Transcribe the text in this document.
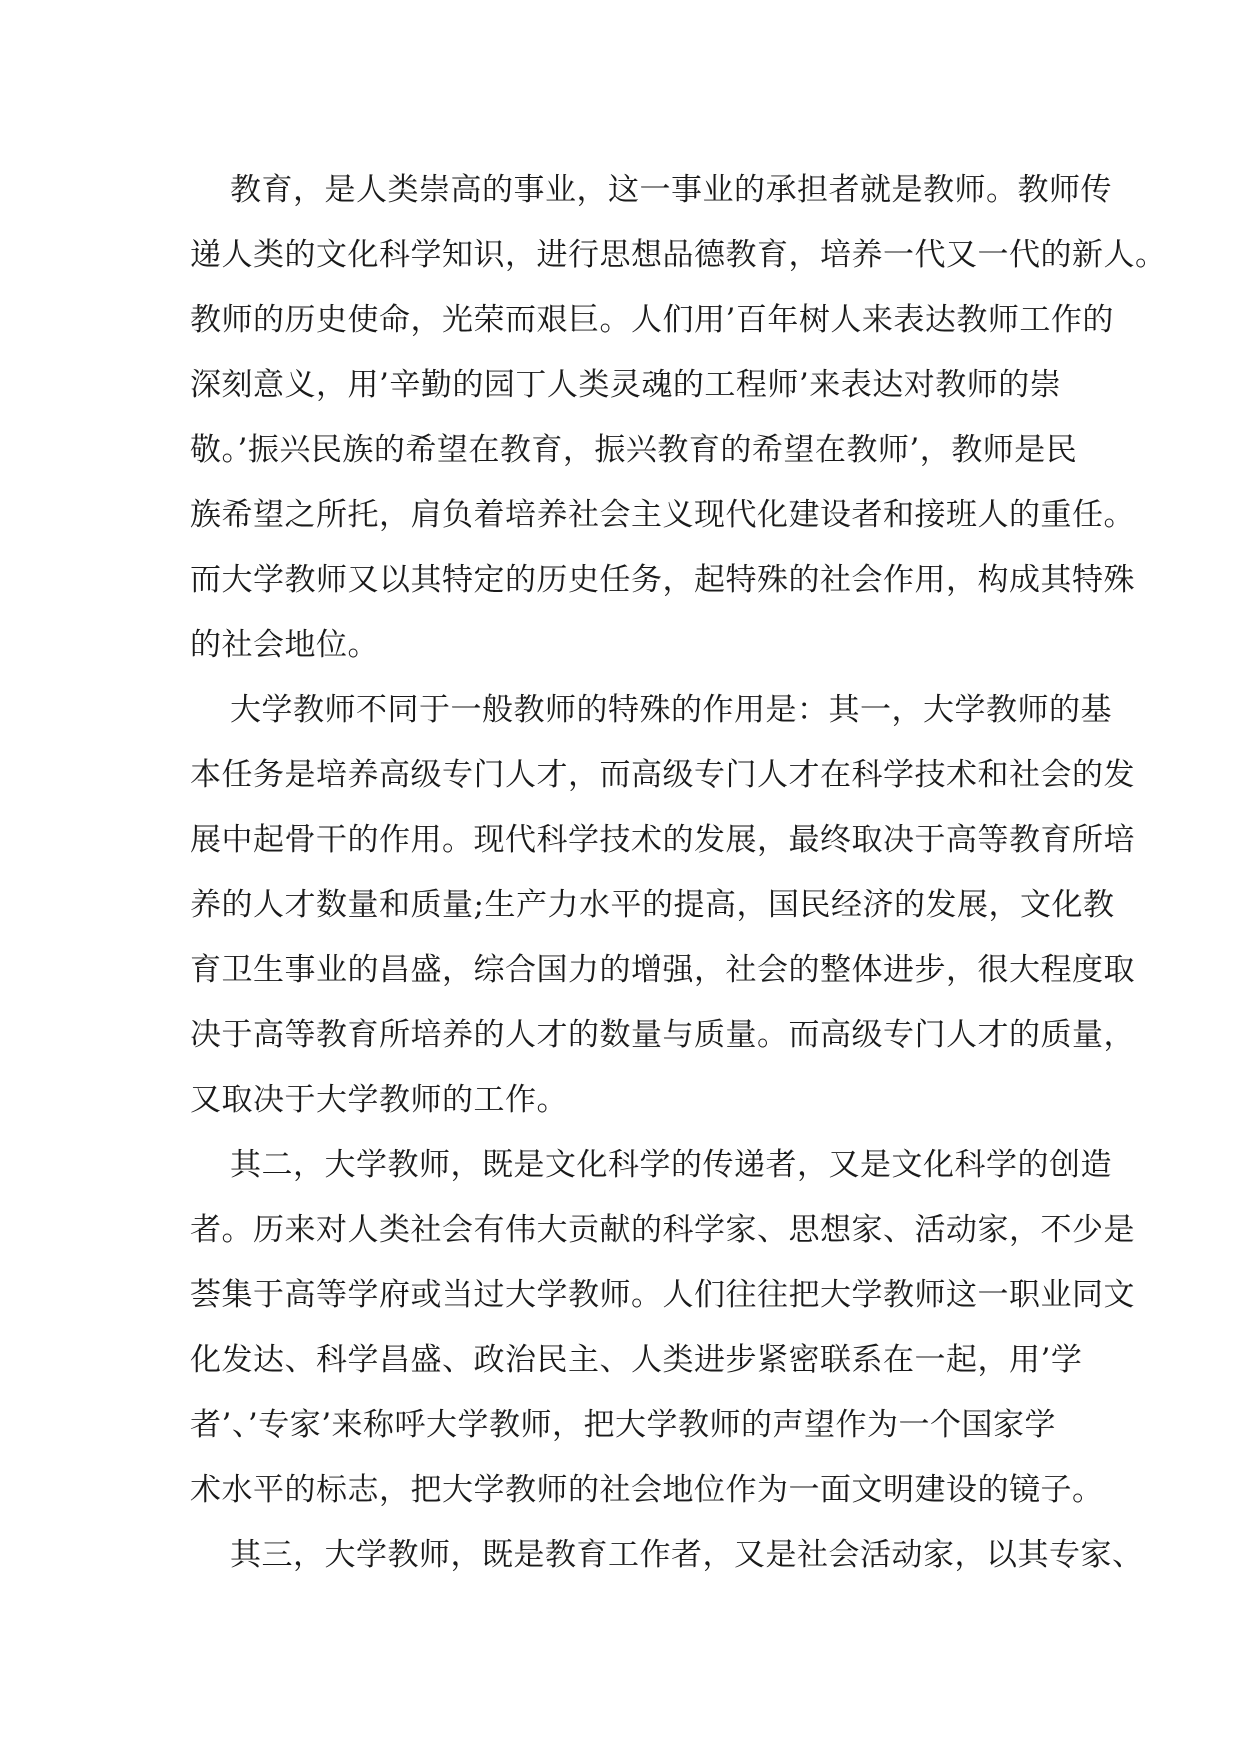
教育，是人类崇高的事业，这一事业的承担者就是教师。教师传
递人类的文化科学知识，进行思想品德教育，培养一代又一代的新人。
教师的历史使命，光荣而艰巨。人们用’百年树人来表达教师工作的
深刻意义，用’辛勤的园丁人类灵魂的工程师’来表达对教师的崇
敬。’振兴民族的希望在教育，振兴教育的希望在教师’，教师是民
族希望之所托，肩负着培养社会主义现代化建设者和接班人的重任。
而大学教师又以其特定的历史任务，起特殊的社会作用，构成其特殊
的社会地位。
大学教师不同于一般教师的特殊的作用是：其一，大学教师的基
本任务是培养高级专门人才，而高级专门人才在科学技术和社会的发
展中起骨干的作用。现代科学技术的发展，最终取决于高等教育所培
养的人才数量和质量;生产力水平的提高，国民经济的发展，文化教
育卫生事业的昌盛，综合国力的增强，社会的整体进步，很大程度取
决于高等教育所培养的人才的数量与质量。而高级专门人才的质量，
又取决于大学教师的工作。
其二，大学教师，既是文化科学的传递者，又是文化科学的创造
者。历来对人类社会有伟大贡献的科学家、思想家、活动家，不少是
荟集于高等学府或当过大学教师。人们往往把大学教师这一职业同文
化发达、科学昌盛、政治民主、人类进步紧密联系在一起，用’学
者’、’专家’来称呼大学教师，把大学教师的声望作为一个国家学
术水平的标志，把大学教师的社会地位作为一面文明建设的镜子。
其三，大学教师，既是教育工作者，又是社会活动家，以其专家、
